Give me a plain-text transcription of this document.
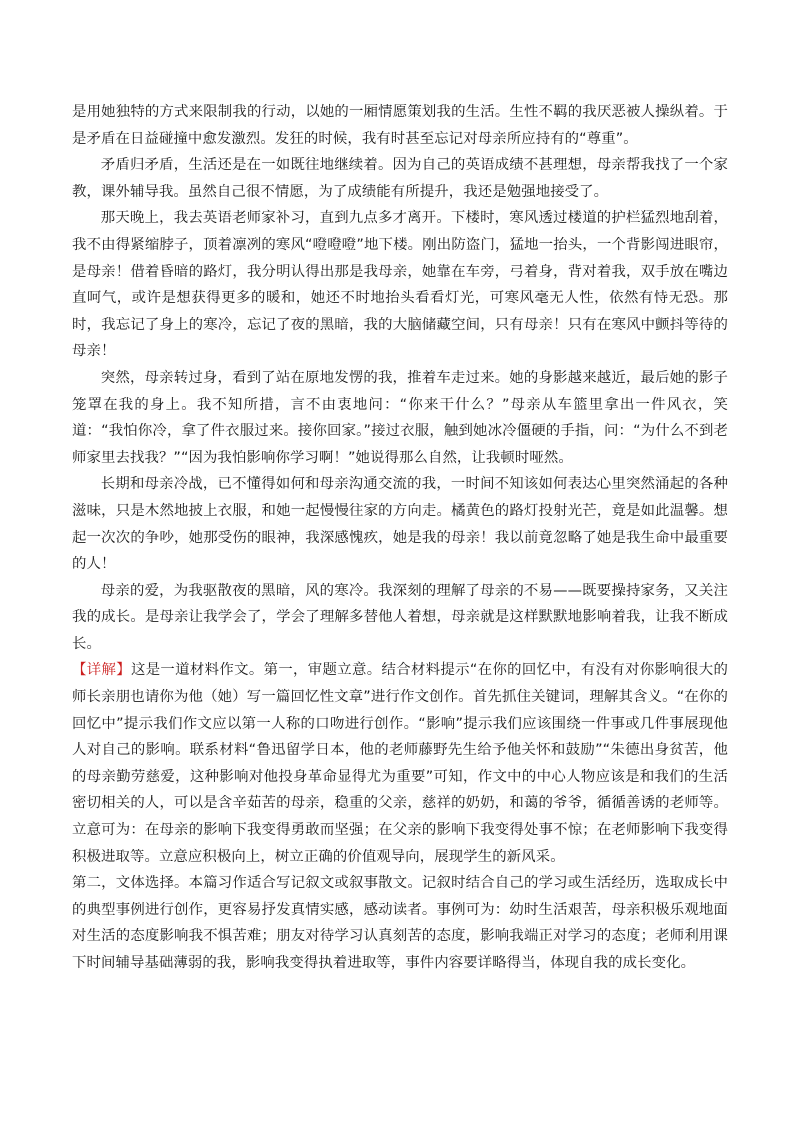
是用她独特的方式来限制我的行动，以她的一厢情愿策划我的生活。生性不羁的我厌恶被人操纵着。于是矛盾在日益碰撞中愈发激烈。发狂的时候，我有时甚至忘记对母亲所应持有的“尊重”。

矛盾归矛盾，生活还是在一如既往地继续着。因为自己的英语成绩不甚理想，母亲帮我找了一个家教，课外辅导我。虽然自己很不情愿，为了成绩能有所提升，我还是勉强地接受了。

那天晚上，我去英语老师家补习，直到九点多才离开。下楼时，寒风透过楼道的护栏猛烈地刮着，我不由得紧缩脖子，顶着凛冽的寒风“噔噔噔”地下楼。刚出防盗门，猛地一抬头，一个背影闯进眼帘，是母亲！借着昏暗的路灯，我分明认得出那是我母亲，她靠在车旁，弓着身，背对着我，双手放在嘴边直呵气，或许是想获得更多的暖和，她还不时地抬头看看灯光，可寒风毫无人性，依然有恃无恐。那时，我忘记了身上的寒冷，忘记了夜的黑暗，我的大脑储藏空间，只有母亲！只有在寒风中颤抖等待的母亲！

突然，母亲转过身，看到了站在原地发愣的我，推着车走过来。她的身影越来越近，最后她的影子笼罩在我的身上。我不知所措，言不由衷地问：“你来干什么？”母亲从车篮里拿出一件风衣，笑道：“我怕你冷，拿了件衣服过来。接你回家。”接过衣服，触到她冰冷僵硬的手指，问：“为什么不到老师家里去找我？”“因为我怕影响你学习啊！”她说得那么自然，让我顿时哑然。

长期和母亲冷战，已不懂得如何和母亲沟通交流的我，一时间不知该如何表达心里突然涌起的各种滋味，只是木然地披上衣服，和她一起慢慢往家的方向走。橘黄色的路灯投射光芒，竟是如此温馨。想起一次次的争吵，她那受伤的眼神，我深感愧疚，她是我的母亲！我以前竟忽略了她是我生命中最重要的人！

母亲的爱，为我驱散夜的黑暗，风的寒冷。我深刻的理解了母亲的不易——既要操持家务，又关注我的成长。是母亲让我学会了，学会了理解多替他人着想，母亲就是这样默默地影响着我，让我不断成长。

【详解】这是一道材料作文。第一，审题立意。结合材料提示“在你的回忆中，有没有对你影响很大的师长亲朋也请你为他（她）写一篇回忆性文章”进行作文创作。首先抓住关键词，理解其含义。“在你的回忆中”提示我们作文应以第一人称的口吻进行创作。“影响”提示我们应该围绕一件事或几件事展现他人对自己的影响。联系材料“鲁迅留学日本，他的老师藤野先生给予他关怀和鼓励”“朱德出身贫苦，他的母亲勤劳慈爱，这种影响对他投身革命显得尤为重要”可知，作文中的中心人物应该是和我们的生活密切相关的人，可以是含辛茹苦的母亲，稳重的父亲，慈祥的奶奶，和蔼的爷爷，循循善诱的老师等。立意可为：在母亲的影响下我变得勇敢而坚强；在父亲的影响下我变得处事不惊；在老师影响下我变得积极进取等。立意应积极向上，树立正确的价值观导向，展现学生的新风采。

第二，文体选择。本篇习作适合写记叙文或叙事散文。记叙时结合自己的学习或生活经历，选取成长中的典型事例进行创作，更容易抒发真情实感，感动读者。事例可为：幼时生活艰苦，母亲积极乐观地面对生活的态度影响我不惧苦难；朋友对待学习认真刻苦的态度，影响我端正对学习的态度；老师利用课下时间辅导基础薄弱的我，影响我变得执着进取等，事件内容要详略得当，体现自我的成长变化。
